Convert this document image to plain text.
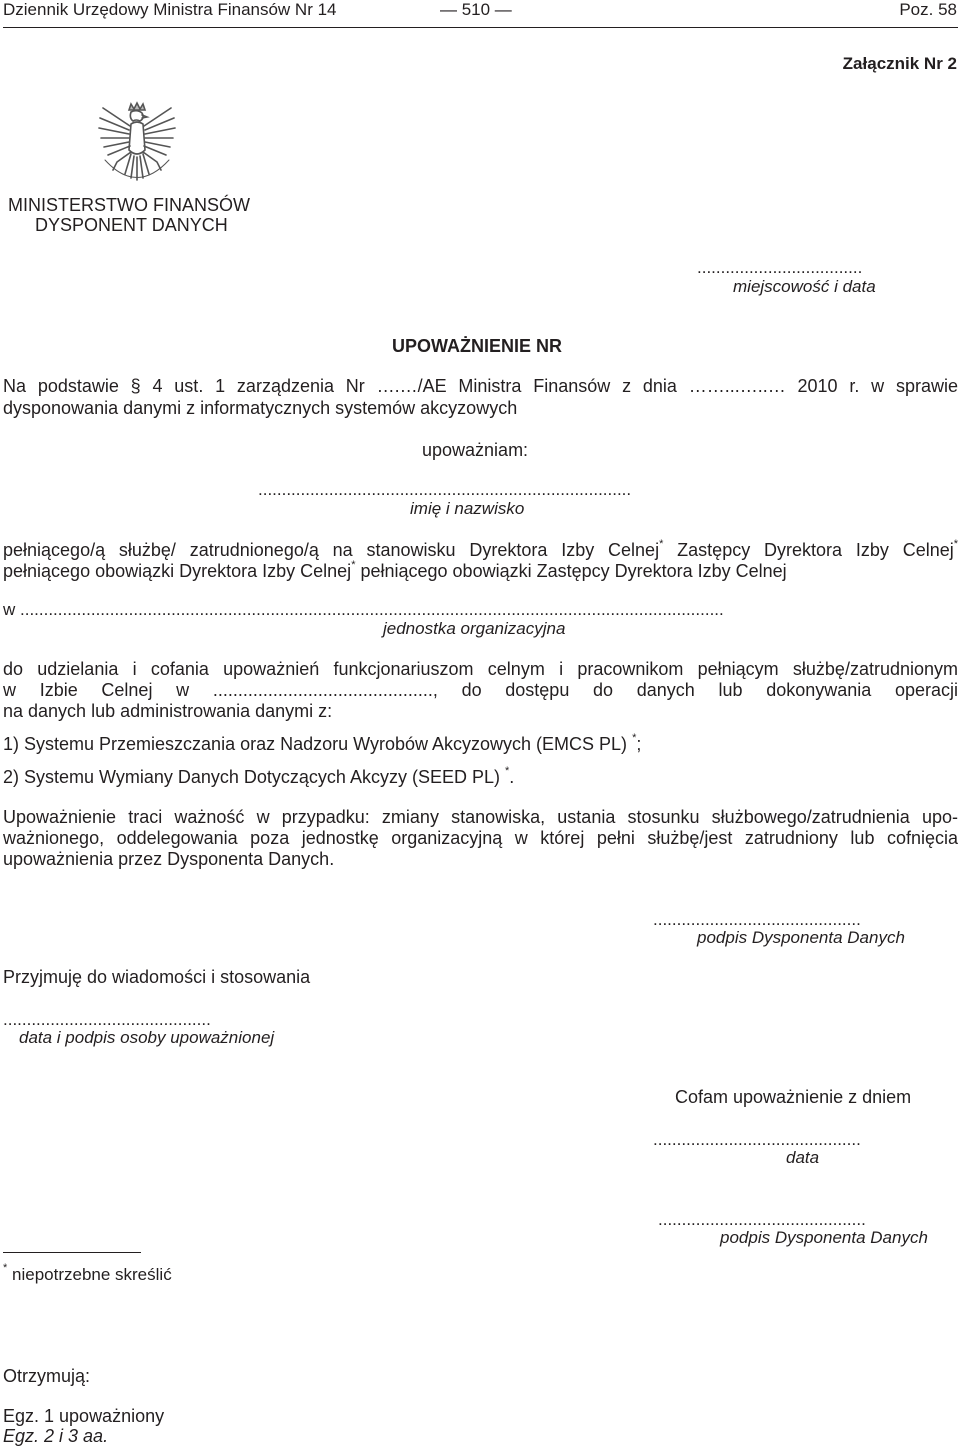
Dziennik Urzędowy Ministra Finansów Nr 14	— 510 —	Poz. 58
Załącznik Nr 2
MINISTERSTWO FINANSÓW
DYSPONENT DANYCH
...................................
miejscowość i data
UPOWAŻNIENIE NR
Na podstawie § 4 ust. 1 zarządzenia Nr ….…/AE Ministra Finansów z dnia ……...…..… 2010 r. w sprawie
dysponowania danymi z informatycznych systemów akcyzowych
upoważniam:
...............................................................................
imię i nazwisko
pełniącego/ą służbę/ zatrudnionego/ą na stanowisku Dyrektora Izby Celnej* Zastępcy Dyrektora Izby Celnej*
pełniącego obowiązki Dyrektora Izby Celnej* pełniącego obowiązki Zastępcy Dyrektora Izby Celnej
w .....................................................................................................................................................
jednostka organizacyjna
do udzielania i cofania upoważnień funkcjonariuszom celnym i pracownikom pełniącym służbę/zatrudnionym
w Izbie Celnej w ............................................, do dostępu do danych lub dokonywania operacji
na danych lub administrowania danymi z:
1) Systemu Przemieszczania oraz Nadzoru Wyrobów Akcyzowych (EMCS PL) *;
2) Systemu Wymiany Danych Dotyczących Akcyzy (SEED PL) *.
Upoważnienie traci ważność w przypadku: zmiany stanowiska, ustania stosunku służbowego/zatrudnienia upo-
ważnionego, oddelegowania poza jednostkę organizacyjną w której pełni służbę/jest zatrudniony lub cofnięcia
upoważnienia przez Dysponenta Danych.
............................................
podpis Dysponenta Danych
Przyjmuję do wiadomości i stosowania
............................................
data i podpis osoby upoważnionej
Cofam upoważnienie z dniem
............................................
data
............................................
podpis Dysponenta Danych
* niepotrzebne skreślić
Otrzymują:
Egz. 1 upoważniony
Egz. 2 i 3 aa.
